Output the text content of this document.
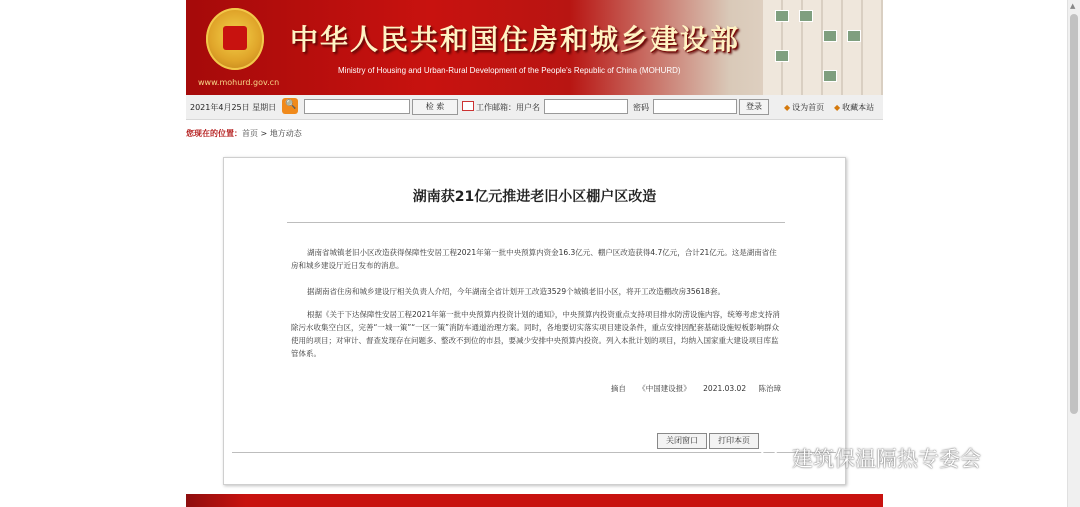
www.mohurd.gov.cn
中华人民共和国住房和城乡建设部
Ministry of Housing and Urban-Rural Development of the People's Republic of China (MOHURD)
2021年4月25日 星期日
🔍	检 索	工作邮箱：用户名	密码	登录	◆ 设为首页 ◆ 收藏本站
您现在的位置：首页 > 地方动态
湖南获21亿元推进老旧小区棚户区改造
湖南省城镇老旧小区改造获得保障性安居工程2021年第一批中央预算内资金16.3亿元、棚户区改造获得4.7亿元，合计21亿元。这是湖南省住房和城乡建设厅近日发布的消息。
据湖南省住房和城乡建设厅相关负责人介绍，今年湖南全省计划开工改造3529个城镇老旧小区，将开工改造棚改房35618套。
根据《关于下达保障性安居工程2021年第一批中央预算内投资计划的通知》，中央预算内投资重点支持项目排水防涝设施内容，统筹考虑支持消除污水收集空白区，完善“一城一策”“一区一策”消防车通道治理方案。同时，各地要切实落实项目建设条件，重点安排因配套基础设施短板影响群众使用的项目；对审计、督查发现存在问题多、整改不到位的市县，要减少安排中央预算内投资。列入本批计划的项目，均纳入国家重大建设项目库监管体系。
摘自 《中国建设报》 2021.03.02 陈治璋
关闭窗口	打印本页
建筑保温隔热专委会
▲
